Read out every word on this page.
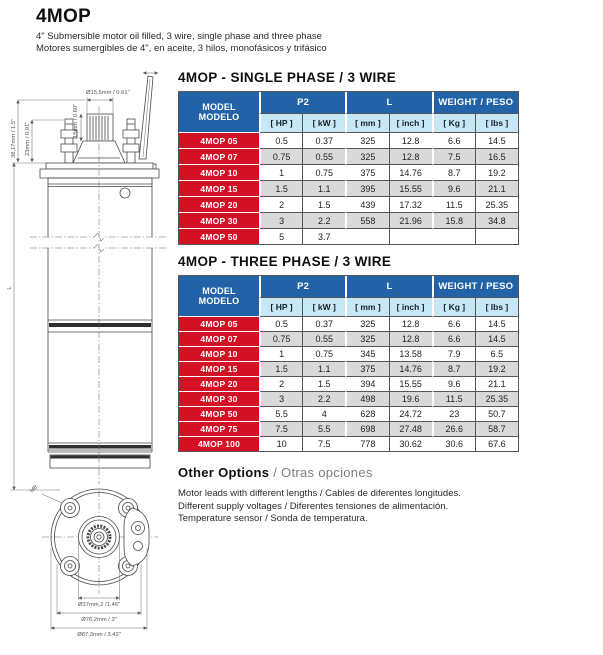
4MOP
4" Submersible motor oil filled, 3 wire, single phase and three phase
Motores sumergibles de 4", en aceite, 3 hilos, monofásicos y trifásico
Ø15,5mm / 0.61"
15mm / 0.60"
38,17mm / 1.5" 23mm / 0.91"
L
M8
Ø37mm,2 /1.46"
Ø76,2mm / 3"
Ø87,3mm / 3.43"
4MOP - SINGLE PHASE / 3 WIRE
MODEL
MODELO
P2	L	WEIGHT / PESO
[ HP ]	[ kW ]	[ mm ]	[ inch ]	[ Kg ]	[ lbs ]
4MOP 05	0.5	0.37	325	12.8	6.6	14.5
4MOP 07	0.75	0.55	325	12.8	7.5	16.5
4MOP 10	1	0.75	375	14.76	8.7	19.2
4MOP 15	1.5	1.1	395	15.55	9.6	21.1
4MOP 20	2	1.5	439	17.32	11.5	25.35
4MOP 30	3	2.2	558	21.96	15.8	34.8
4MOP 50	5	3.7
4MOP - THREE PHASE / 3 WIRE
MODEL
MODELO
P2	L	WEIGHT / PESO
[ HP ]	[ kW ]	[ mm ]	[ inch ]	[ Kg ]	[ lbs ]
4MOP 05	0.5	0.37	325	12.8	6.6	14.5
4MOP 07	0.75	0.55	325	12.8	6.6	14.5
4MOP 10	1	0.75	345	13.58	7.9	6.5
4MOP 15	1.5	1.1	375	14.76	8.7	19.2
4MOP 20	2	1.5	394	15.55	9.6	21.1
4MOP 30	3	2.2	498	19.6	11.5	25.35
4MOP 50	5.5	4	628	24.72	23	50.7
4MOP 75	7.5	5.5	698	27.48	26.6	58.7
4MOP 100	10	7.5	778	30.62	30.6	67.6
Other Options / Otras opciones
Motor leads with different lengths / Cables de diferentes longitudes.
Different supply voltages / Diferentes tensiones de alimentación.
Temperature sensor / Sonda de temperatura.
